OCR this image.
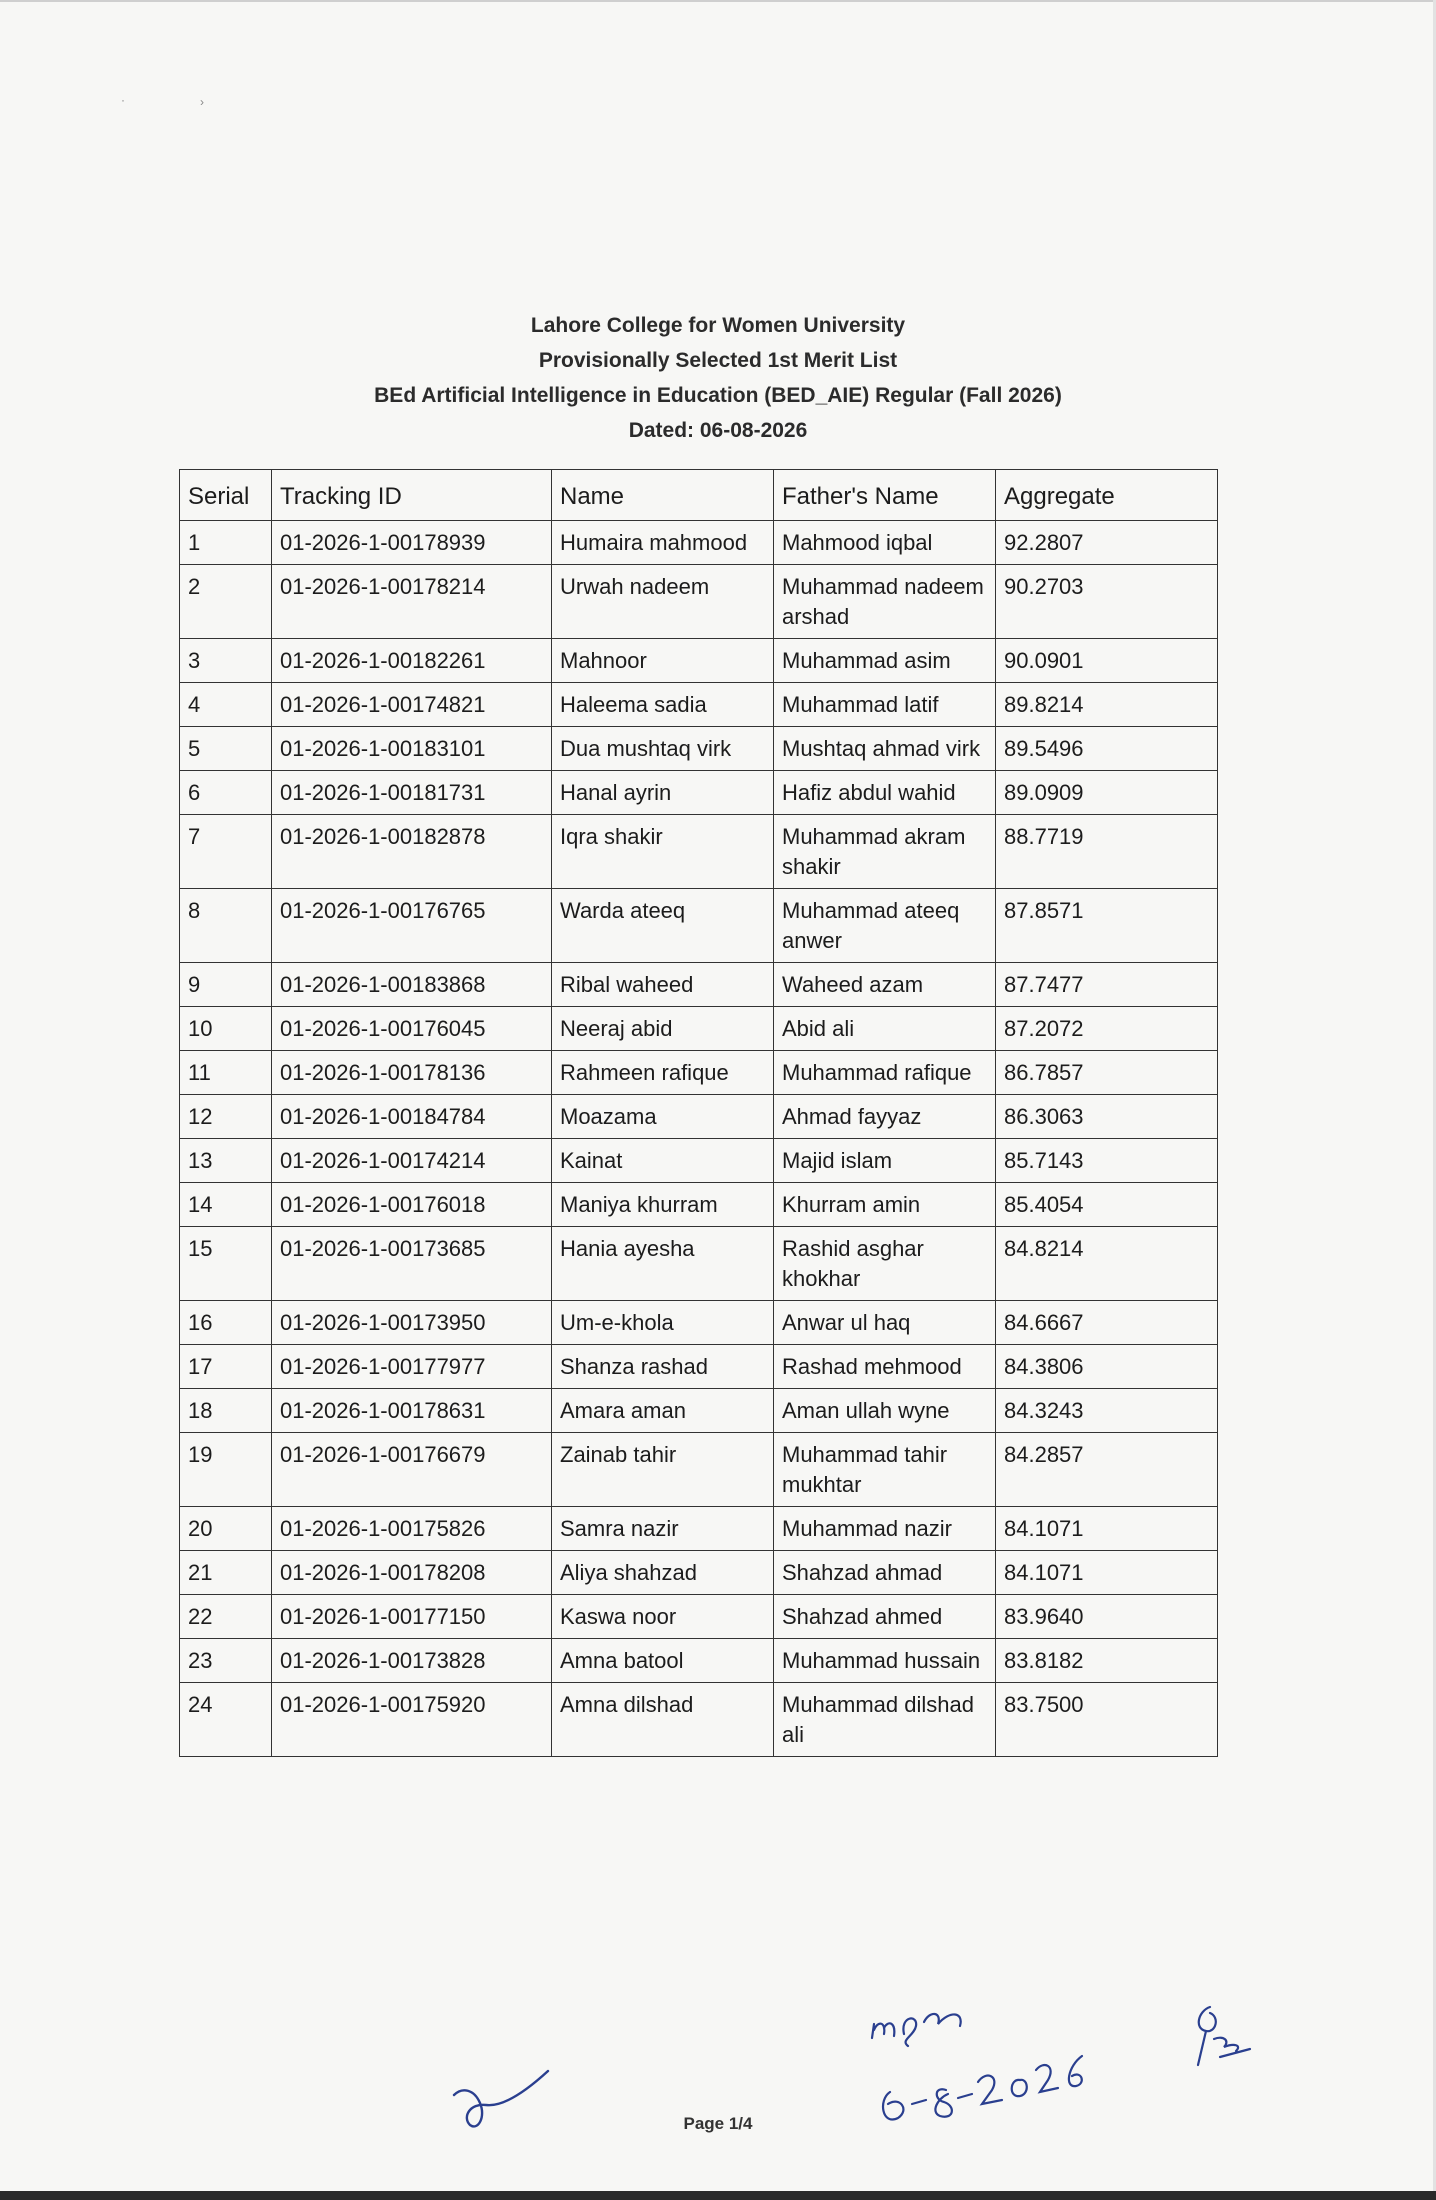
·	›
Lahore College for Women University
Provisionally Selected 1st Merit List
BEd Artificial Intelligence in Education (BED_AIE) Regular (Fall 2026)
Dated: 06-08-2026
Serial	Tracking ID	Name	Father's Name	Aggregate
1	01-2026-1-00178939	Humaira mahmood	Mahmood iqbal	92.2807
2	01-2026-1-00178214	Urwah nadeem	Muhammad nadeem arshad	90.2703
3	01-2026-1-00182261	Mahnoor	Muhammad asim	90.0901
4	01-2026-1-00174821	Haleema sadia	Muhammad latif	89.8214
5	01-2026-1-00183101	Dua mushtaq virk	Mushtaq ahmad virk	89.5496
6	01-2026-1-00181731	Hanal ayrin	Hafiz abdul wahid	89.0909
7	01-2026-1-00182878	Iqra shakir	Muhammad akram shakir	88.7719
8	01-2026-1-00176765	Warda ateeq	Muhammad ateeq anwer	87.8571
9	01-2026-1-00183868	Ribal waheed	Waheed azam	87.7477
10	01-2026-1-00176045	Neeraj abid	Abid ali	87.2072
11	01-2026-1-00178136	Rahmeen rafique	Muhammad rafique	86.7857
12	01-2026-1-00184784	Moazama	Ahmad fayyaz	86.3063
13	01-2026-1-00174214	Kainat	Majid islam	85.7143
14	01-2026-1-00176018	Maniya khurram	Khurram amin	85.4054
15	01-2026-1-00173685	Hania ayesha	Rashid asghar khokhar	84.8214
16	01-2026-1-00173950	Um-e-khola	Anwar ul haq	84.6667
17	01-2026-1-00177977	Shanza rashad	Rashad mehmood	84.3806
18	01-2026-1-00178631	Amara aman	Aman ullah wyne	84.3243
19	01-2026-1-00176679	Zainab tahir	Muhammad tahir mukhtar	84.2857
20	01-2026-1-00175826	Samra nazir	Muhammad nazir	84.1071
21	01-2026-1-00178208	Aliya shahzad	Shahzad ahmad	84.1071
22	01-2026-1-00177150	Kaswa noor	Shahzad ahmed	83.9640
23	01-2026-1-00173828	Amna batool	Muhammad hussain	83.8182
24	01-2026-1-00175920	Amna dilshad	Muhammad dilshad ali	83.7500
Page 1/4
